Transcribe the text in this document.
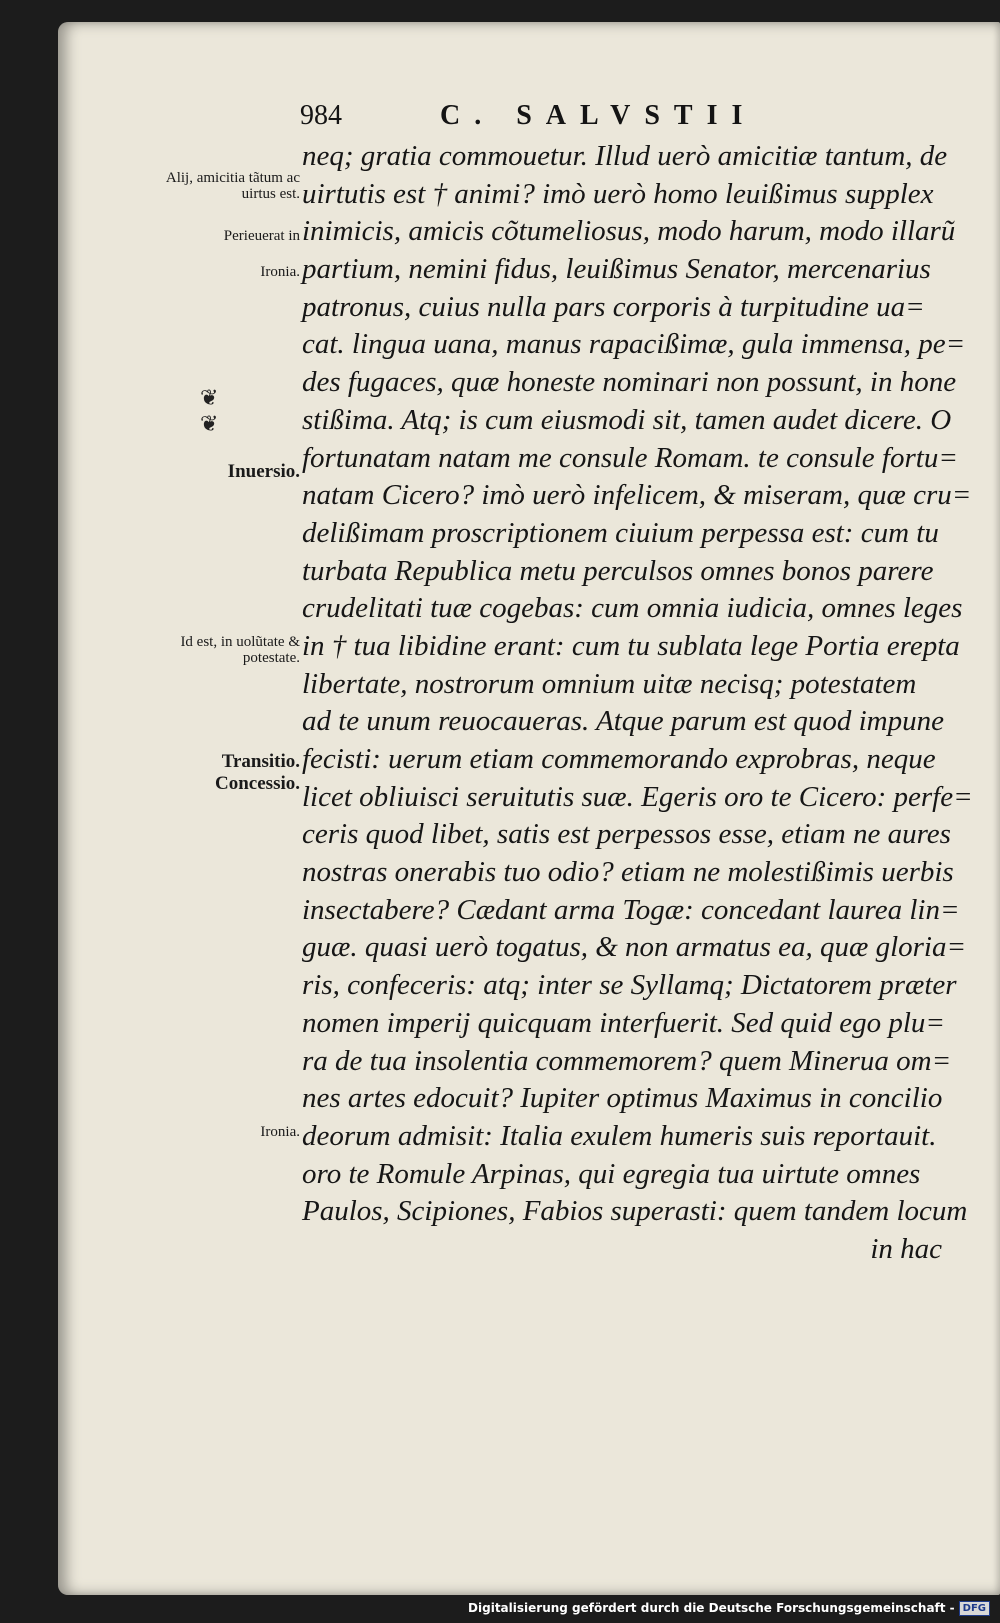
984	C. SALVSTII
neq; gratia commouetur. Illud uerò amicitiæ tantum, de
uirtutis est † animi? imò uerò homo leuißimus supplex
inimicis, amicis cõtumeliosus, modo harum, modo illarũ
partium, nemini fidus, leuißimus Senator, mercenarius
patronus, cuius nulla pars corporis à turpitudine ua=
cat. lingua uana, manus rapacißimæ, gula immensa, pe=
des fugaces, quæ honeste nominari non possunt, in hone
stißima. Atq; is cum eiusmodi sit, tamen audet dicere. O
fortunatam natam me consule Romam. te consule fortu=
natam Cicero? imò uerò infelicem, & miseram, quæ cru=
delißimam proscriptionem ciuium perpessa est: cum tu
turbata Republica metu perculsos omnes bonos parere
crudelitati tuæ cogebas: cum omnia iudicia, omnes leges
in † tua libidine erant: cum tu sublata lege Portia erepta
libertate, nostrorum omnium uitæ necisq; potestatem
ad te unum reuocaueras. Atque parum est quod impune
fecisti: uerum etiam commemorando exprobras, neque
licet obliuisci seruitutis suæ. Egeris oro te Cicero: perfe=
ceris quod libet, satis est perpessos esse, etiam ne aures
nostras onerabis tuo odio? etiam ne molestißimis uerbis
insectabere? Cædant arma Togæ: concedant laurea lin=
guæ. quasi uerò togatus, & non armatus ea, quæ gloria=
ris, confeceris: atq; inter se Syllamq; Dictatorem præter
nomen imperij quicquam interfuerit. Sed quid ego plu=
ra de tua insolentia commemorem? quem Minerua om=
nes artes edocuit? Iupiter optimus Maximus in concilio
deorum admisit: Italia exulem humeris suis reportauit.
oro te Romule Arpinas, qui egregia tua uirtute omnes
Paulos, Scipiones, Fabios superasti: quem tandem locum
in hac
Alij, amicitia tãtum ac uirtus est.
Perieuerat in
Ironia.
❦
❦
Inuersio.
Id est, in uolũtate & potestate.
Transitio.
Concessio.
Ironia.
Digitalisierung gefördert durch die Deutsche Forschungsgemeinschaft - DFG
